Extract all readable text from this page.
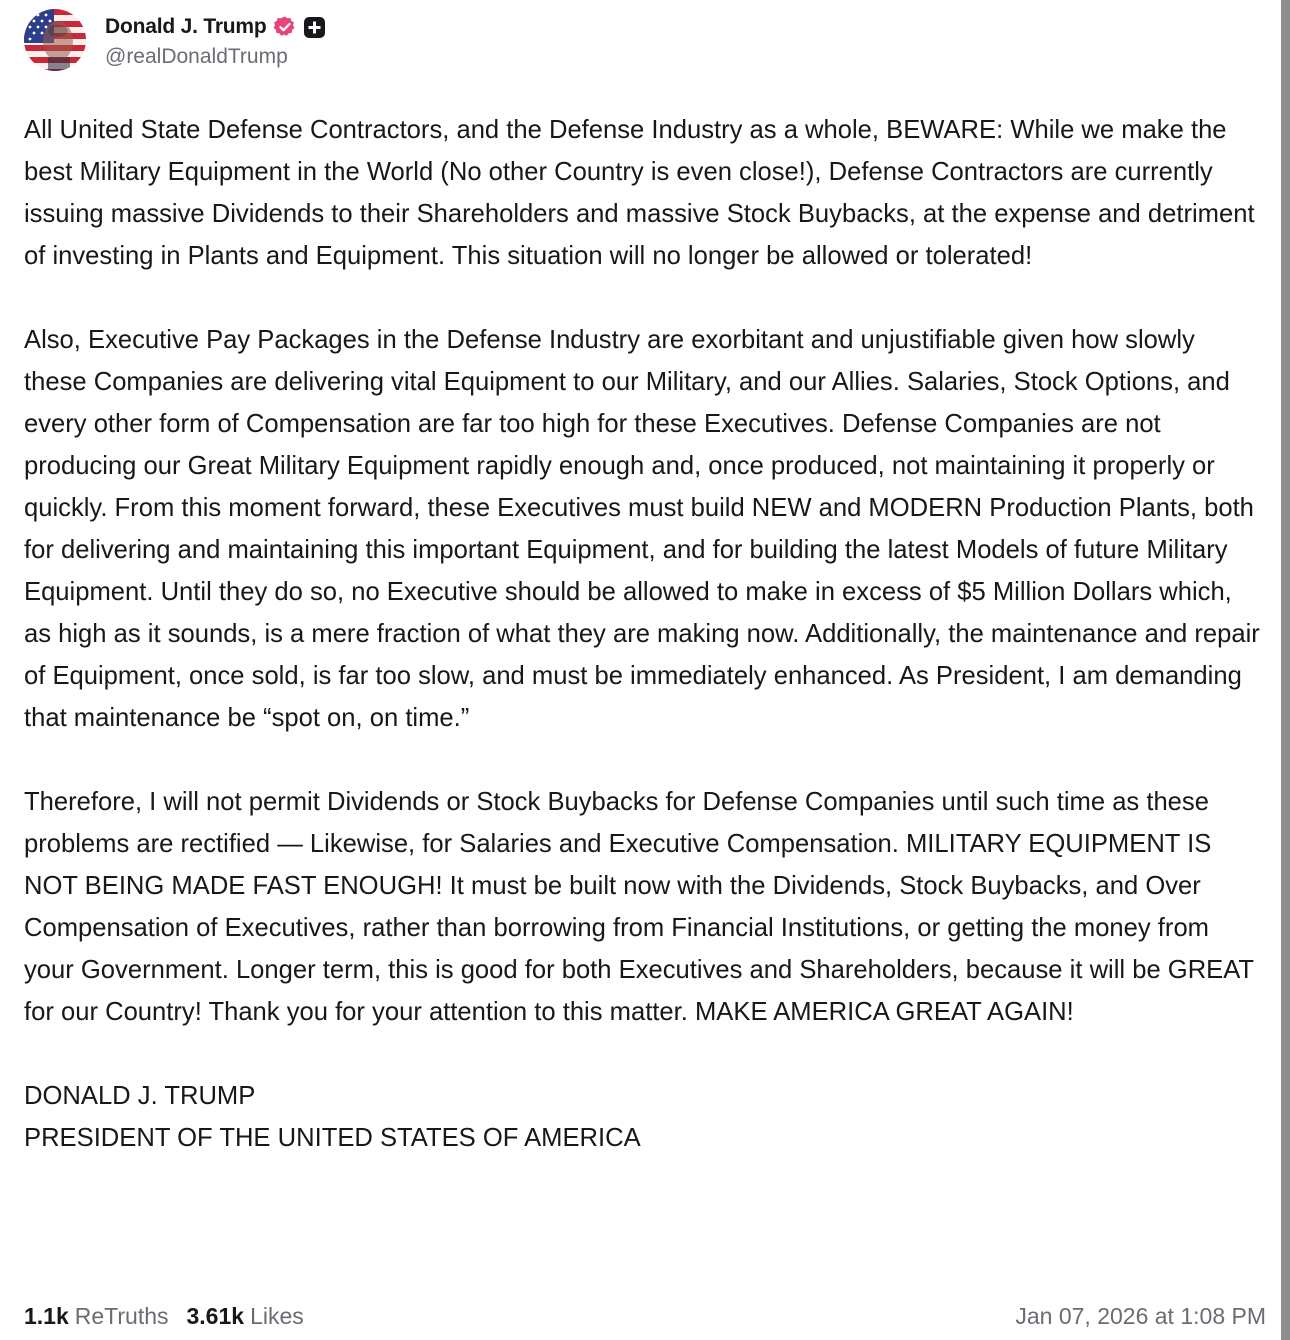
Donald J. Trump
@realDonaldTrump

All United State Defense Contractors, and the Defense Industry as a whole, BEWARE: While we make the best Military Equipment in the World (No other Country is even close!), Defense Contractors are currently issuing massive Dividends to their Shareholders and massive Stock Buybacks, at the expense and detriment of investing in Plants and Equipment. This situation will no longer be allowed or tolerated!

Also, Executive Pay Packages in the Defense Industry are exorbitant and unjustifiable given how slowly these Companies are delivering vital Equipment to our Military, and our Allies. Salaries, Stock Options, and every other form of Compensation are far too high for these Executives. Defense Companies are not producing our Great Military Equipment rapidly enough and, once produced, not maintaining it properly or quickly. From this moment forward, these Executives must build NEW and MODERN Production Plants, both for delivering and maintaining this important Equipment, and for building the latest Models of future Military Equipment. Until they do so, no Executive should be allowed to make in excess of $5 Million Dollars which, as high as it sounds, is a mere fraction of what they are making now. Additionally, the maintenance and repair of Equipment, once sold, is far too slow, and must be immediately enhanced. As President, I am demanding that maintenance be “spot on, on time.”

Therefore, I will not permit Dividends or Stock Buybacks for Defense Companies until such time as these problems are rectified — Likewise, for Salaries and Executive Compensation. MILITARY EQUIPMENT IS NOT BEING MADE FAST ENOUGH! It must be built now with the Dividends, Stock Buybacks, and Over Compensation of Executives, rather than borrowing from Financial Institutions, or getting the money from your Government. Longer term, this is good for both Executives and Shareholders, because it will be GREAT for our Country! Thank you for your attention to this matter. MAKE AMERICA GREAT AGAIN!

DONALD J. TRUMP
PRESIDENT OF THE UNITED STATES OF AMERICA

1.1k ReTruths 3.61k Likes	Jan 07, 2026 at 1:08 PM
